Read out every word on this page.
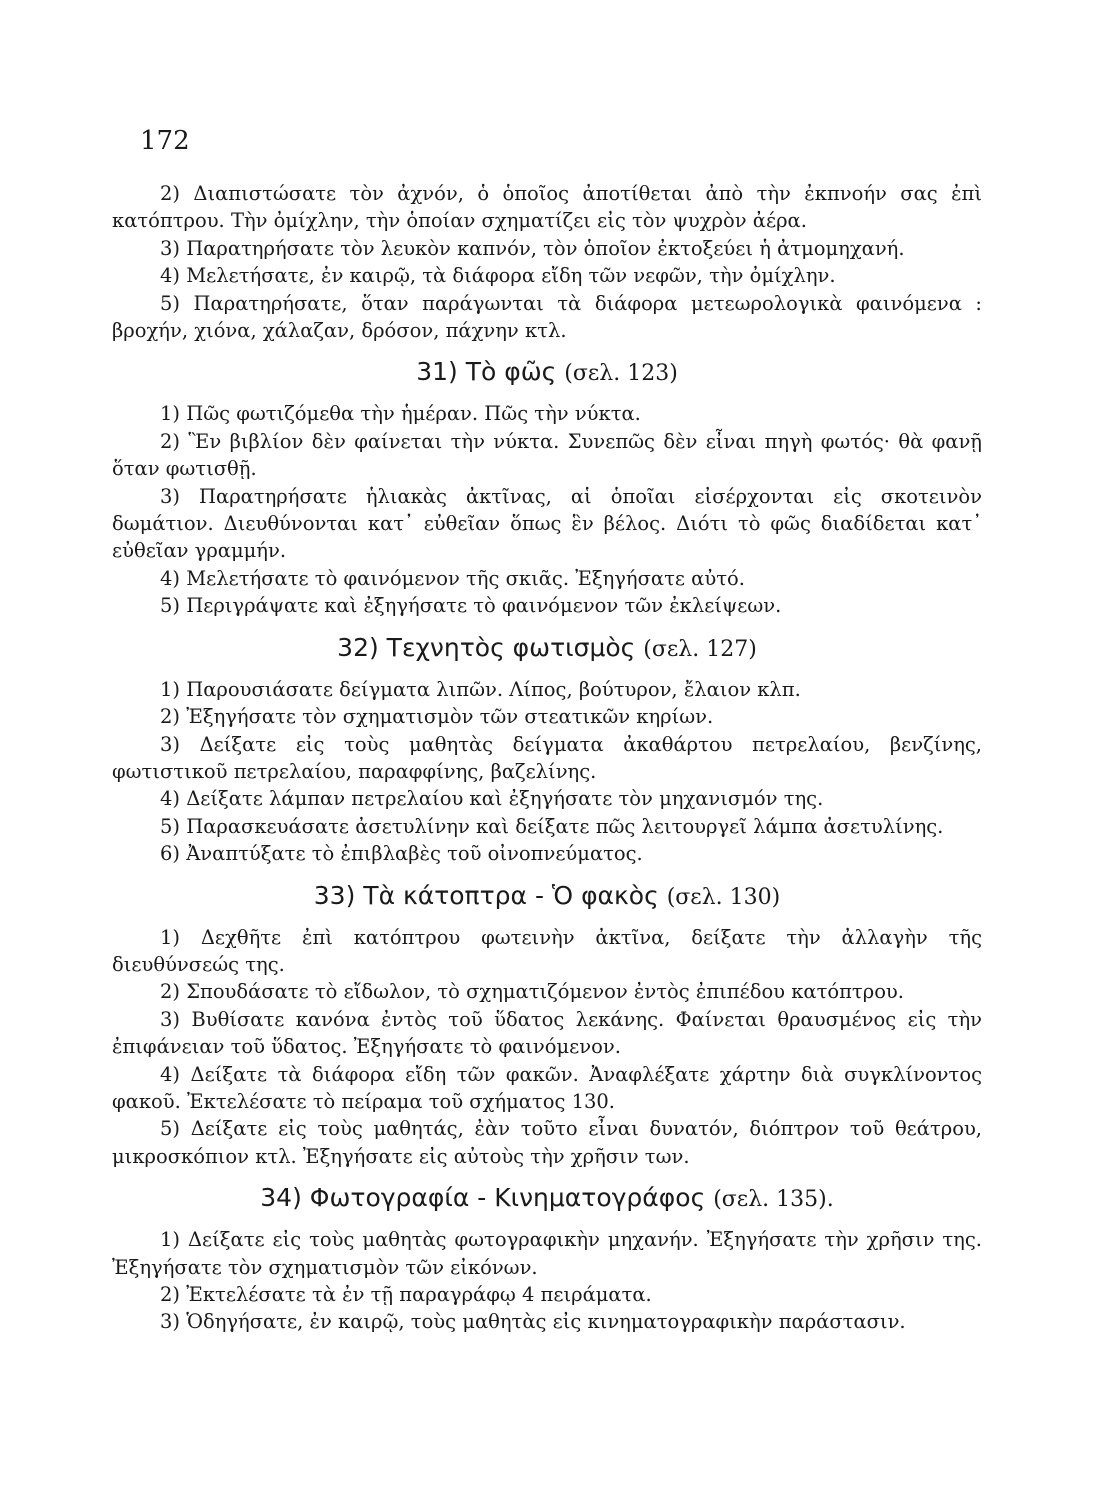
172

2) Διαπιστώσατε τὸν ἀχνόν, ὁ ὁποῖος ἀποτίθεται ἀπὸ τὴν ἐκπνοήν σας ἐπὶ κατόπτρου. Τὴν ὀμίχλην, τὴν ὁποίαν σχηματίζει εἰς τὸν ψυχρὸν ἀέρα.

3) Παρατηρήσατε τὸν λευκὸν καπνόν, τὸν ὁποῖον ἐκτοξεύει ἡ ἀτμομηχανή.

4) Μελετήσατε, ἐν καιρῷ, τὰ διάφορα εἴδη τῶν νεφῶν, τὴν ὀμίχλην.

5) Παρατηρήσατε, ὅταν παράγωνται τὰ διάφορα μετεωρολογικὰ φαινόμενα : βροχήν, χιόνα, χάλαζαν, δρόσον, πάχνην κτλ.

31) Τὸ φῶς (σελ. 123)

1) Πῶς φωτιζόμεθα τὴν ἡμέραν. Πῶς τὴν νύκτα.

2) Ἓν βιβλίον δὲν φαίνεται τὴν νύκτα. Συνεπῶς δὲν εἶναι πηγὴ φωτός· θὰ φανῇ ὅταν φωτισθῇ.

3) Παρατηρήσατε ἡλιακὰς ἀκτῖνας, αἱ ὁποῖαι εἰσέρχονται εἰς σκοτεινὸν δωμάτιον. Διευθύνονται κατ᾿ εὐθεῖαν ὅπως ἓν βέλος. Διότι τὸ φῶς διαδίδεται κατ᾿ εὐθεῖαν γραμμήν.

4) Μελετήσατε τὸ φαινόμενον τῆς σκιᾶς. Ἐξηγήσατε αὐτό.

5) Περιγράψατε καὶ ἐξηγήσατε τὸ φαινόμενον τῶν ἐκλείψεων.

32) Τεχνητὸς φωτισμὸς (σελ. 127)

1) Παρουσιάσατε δείγματα λιπῶν. Λίπος, βούτυρον, ἔλαιον κλπ.

2) Ἐξηγήσατε τὸν σχηματισμὸν τῶν στεατικῶν κηρίων.

3) Δείξατε εἰς τοὺς μαθητὰς δείγματα ἀκαθάρτου πετρελαίου, βενζίνης, φωτιστικοῦ πετρελαίου, παραφφίνης, βαζελίνης.

4) Δείξατε λάμπαν πετρελαίου καὶ ἐξηγήσατε τὸν μηχανισμόν της.

5) Παρασκευάσατε ἀσετυλίνην καὶ δείξατε πῶς λειτουργεῖ λάμπα ἀσετυλίνης.

6) Ἀναπτύξατε τὸ ἐπιβλαβὲς τοῦ οἰνοπνεύματος.

33) Τὰ κάτοπτρα - Ὁ φακὸς (σελ. 130)

1) Δεχθῆτε ἐπὶ κατόπτρου φωτεινὴν ἀκτῖνα, δείξατε τὴν ἀλλαγὴν τῆς διευθύνσεώς της.

2) Σπουδάσατε τὸ εἴδωλον, τὸ σχηματιζόμενον ἐντὸς ἐπιπέδου κατόπτρου.

3) Βυθίσατε κανόνα ἐντὸς τοῦ ὕδατος λεκάνης. Φαίνεται θραυσμένος εἰς τὴν ἐπιφάνειαν τοῦ ὕδατος. Ἐξηγήσατε τὸ φαινόμενον.

4) Δείξατε τὰ διάφορα εἴδη τῶν φακῶν. Ἀναφλέξατε χάρτην διὰ συγκλίνοντος φακοῦ. Ἐκτελέσατε τὸ πείραμα τοῦ σχήματος 130.

5) Δείξατε εἰς τοὺς μαθητάς, ἐὰν τοῦτο εἶναι δυνατόν, διόπτρον τοῦ θεάτρου, μικροσκόπιον κτλ. Ἐξηγήσατε εἰς αὐτοὺς τὴν χρῆσιν των.

34) Φωτογραφία - Κινηματογράφος (σελ. 135).

1) Δείξατε εἰς τοὺς μαθητὰς φωτογραφικὴν μηχανήν. Ἐξηγήσατε τὴν χρῆσιν της. Ἐξηγήσατε τὸν σχηματισμὸν τῶν εἰκόνων.

2) Ἐκτελέσατε τὰ ἐν τῇ παραγράφῳ 4 πειράματα.

3) Ὁδηγήσατε, ἐν καιρῷ, τοὺς μαθητὰς εἰς κινηματογραφικὴν παράστασιν.
